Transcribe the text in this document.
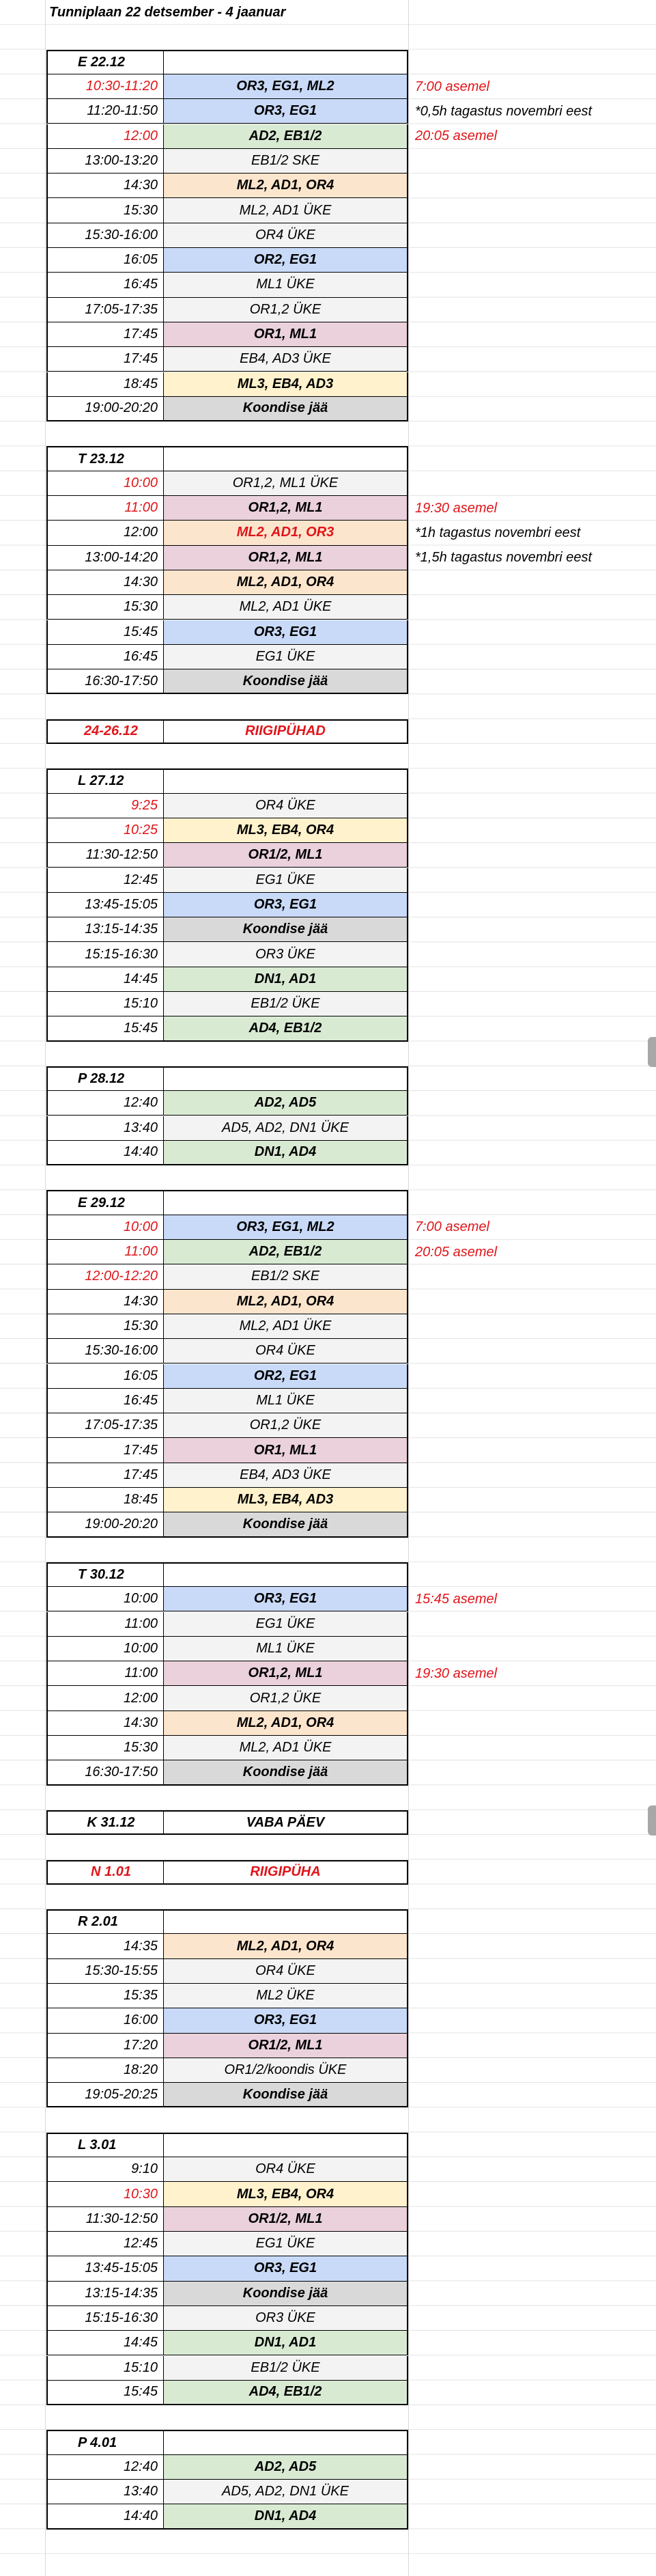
Tunniplaan 22 detsember - 4 jaanuar
E 22.12
10:30-11:20	OR3, EG1, ML2	7:00 asemel
11:20-11:50	OR3, EG1	*0,5h tagastus novembri eest
12:00	AD2, EB1/2	20:05 asemel
13:00-13:20	EB1/2 SKE
14:30	ML2, AD1, OR4
15:30	ML2, AD1 ÜKE
15:30-16:00	OR4 ÜKE
16:05	OR2, EG1
16:45	ML1 ÜKE
17:05-17:35	OR1,2 ÜKE
17:45	OR1, ML1
17:45	EB4, AD3 ÜKE
18:45	ML3, EB4, AD3
19:00-20:20	Koondise jää
T 23.12
10:00	OR1,2, ML1 ÜKE
11:00	OR1,2, ML1	19:30 asemel
12:00	ML2, AD1, OR3	*1h tagastus novembri eest
13:00-14:20	OR1,2, ML1	*1,5h tagastus novembri eest
14:30	ML2, AD1, OR4
15:30	ML2, AD1 ÜKE
15:45	OR3, EG1
16:45	EG1 ÜKE
16:30-17:50	Koondise jää
24-26.12	RIIGIPÜHAD
L 27.12
9:25	OR4 ÜKE
10:25	ML3, EB4, OR4
11:30-12:50	OR1/2, ML1
12:45	EG1 ÜKE
13:45-15:05	OR3, EG1
13:15-14:35	Koondise jää
15:15-16:30	OR3 ÜKE
14:45	DN1, AD1
15:10	EB1/2 ÜKE
15:45	AD4, EB1/2
P 28.12
12:40	AD2, AD5
13:40	AD5, AD2, DN1 ÜKE
14:40	DN1, AD4
E 29.12
10:00	OR3, EG1, ML2	7:00 asemel
11:00	AD2, EB1/2	20:05 asemel
12:00-12:20	EB1/2 SKE
14:30	ML2, AD1, OR4
15:30	ML2, AD1 ÜKE
15:30-16:00	OR4 ÜKE
16:05	OR2, EG1
16:45	ML1 ÜKE
17:05-17:35	OR1,2 ÜKE
17:45	OR1, ML1
17:45	EB4, AD3 ÜKE
18:45	ML3, EB4, AD3
19:00-20:20	Koondise jää
T 30.12
10:00	OR3, EG1	15:45 asemel
11:00	EG1 ÜKE
10:00	ML1 ÜKE
11:00	OR1,2, ML1	19:30 asemel
12:00	OR1,2 ÜKE
14:30	ML2, AD1, OR4
15:30	ML2, AD1 ÜKE
16:30-17:50	Koondise jää
K 31.12	VABA PÄEV
N 1.01	RIIGIPÜHA
R 2.01
14:35	ML2, AD1, OR4
15:30-15:55	OR4 ÜKE
15:35	ML2 ÜKE
16:00	OR3, EG1
17:20	OR1/2, ML1
18:20	OR1/2/koondis ÜKE
19:05-20:25	Koondise jää
L 3.01
9:10	OR4 ÜKE
10:30	ML3, EB4, OR4
11:30-12:50	OR1/2, ML1
12:45	EG1 ÜKE
13:45-15:05	OR3, EG1
13:15-14:35	Koondise jää
15:15-16:30	OR3 ÜKE
14:45	DN1, AD1
15:10	EB1/2 ÜKE
15:45	AD4, EB1/2
P 4.01
12:40	AD2, AD5
13:40	AD5, AD2, DN1 ÜKE
14:40	DN1, AD4
